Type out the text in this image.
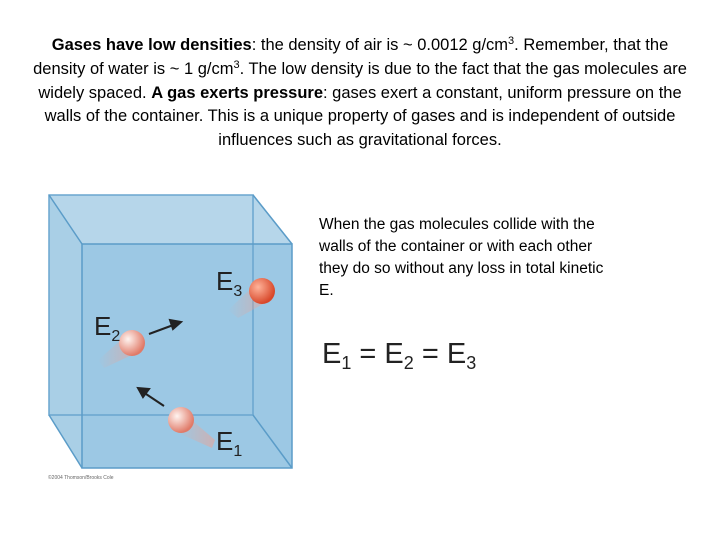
Gases have low densities: the density of air is ~ 0.0012 $g/cm^3$. Remember, that the density of water is ~ 1 $g/cm^3$. The low density is due to the fact that the gas molecules are widely spaced. A gas exerts pressure: gases exert a constant, uniform pressure on the walls of the container. This is a unique property of gases and is independent of outside influences such as gravitational forces.
$E_3$
$E_2$
$E_1$
©2004 Thomson/Brooks Cole
When the gas molecules collide with the walls of the container or with each other they do so without any loss in total kinetic E.
$E_1 = E_2 = E_3$
